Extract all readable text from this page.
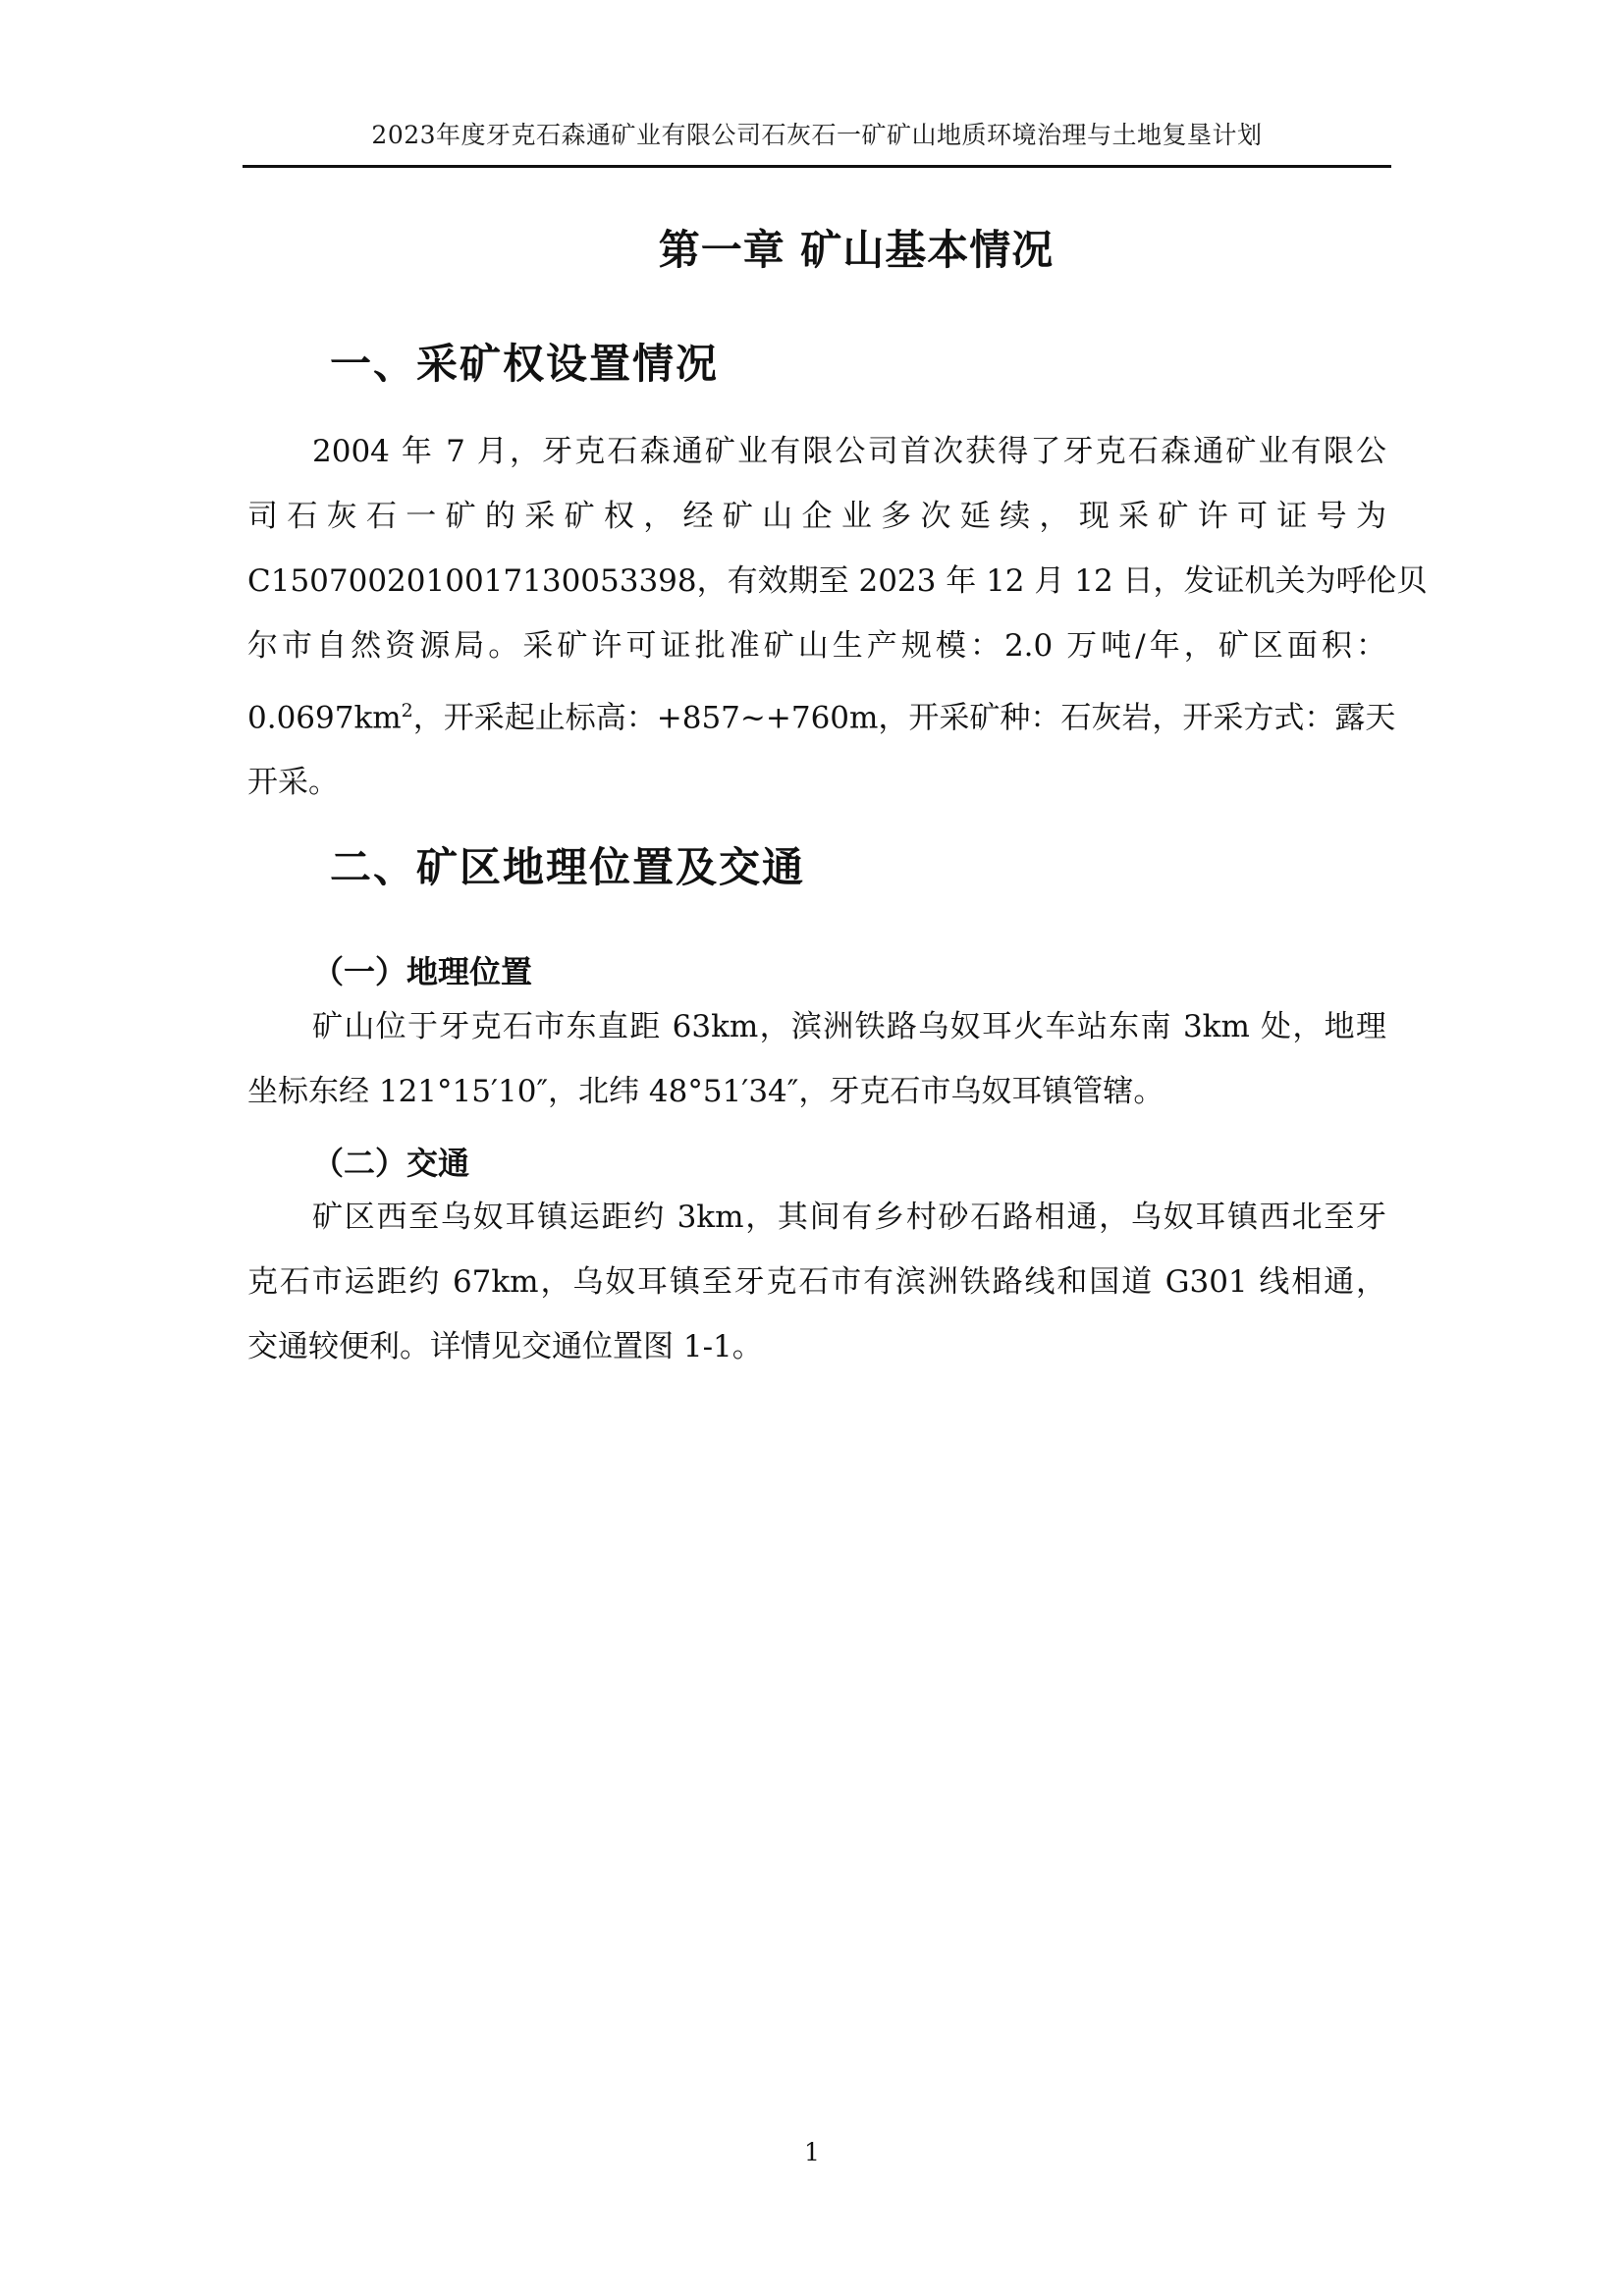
2023年度牙克石森通矿业有限公司石灰石一矿矿山地质环境治理与土地复垦计划
第一章 矿山基本情况
一、采矿权设置情况
2004 年 7 月，牙克石森通矿业有限公司首次获得了牙克石森通矿业有限公
司石灰石一矿的采矿权，经矿山企业多次延续，现采矿许可证号为
C1507002010017130053398，有效期至 2023 年 12 月 12 日，发证机关为呼伦贝
尔市自然资源局。采矿许可证批准矿山生产规模：2.0 万吨/年，矿区面积：
$0.0697km^2$，开采起止标高：+857~+760m，开采矿种：石灰岩，开采方式：露天
开采。
二、矿区地理位置及交通
（一）地理位置
矿山位于牙克石市东直距 63km，滨洲铁路乌奴耳火车站东南 3km 处，地理
坐标东经 121°15′10″，北纬 48°51′34″，牙克石市乌奴耳镇管辖。
（二）交通
矿区西至乌奴耳镇运距约 3km，其间有乡村砂石路相通，乌奴耳镇西北至牙
克石市运距约 67km，乌奴耳镇至牙克石市有滨洲铁路线和国道 G301 线相通，
交通较便利。详情见交通位置图 1-1。
1
